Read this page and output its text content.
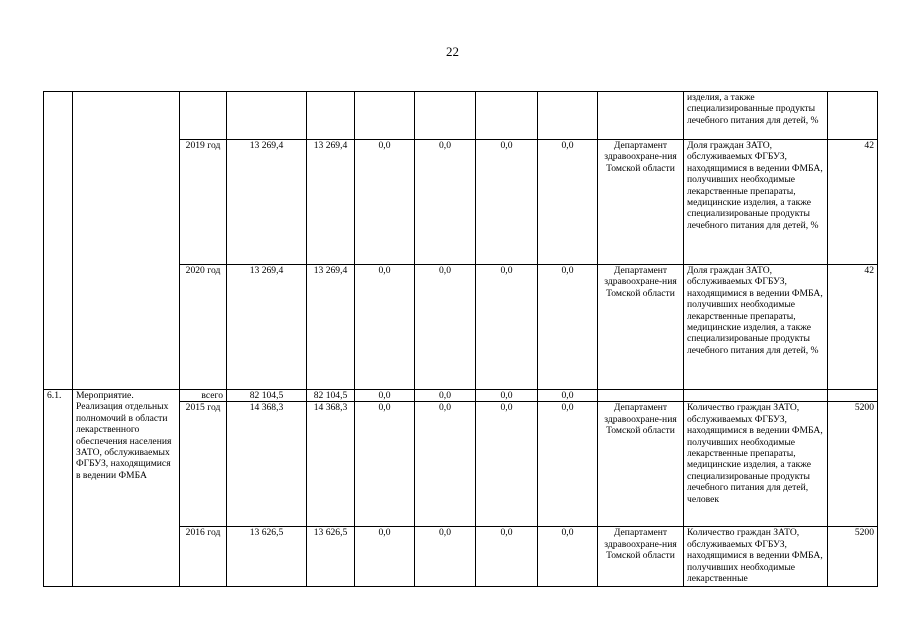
22
										изделия, а также специализированные продукты лечебного питания для детей, %	
		2019 год	13 269,4	13 269,4	0,0	0,0	0,0	0,0	Департамент здравоохране-ния Томской области	Доля граждан ЗАТО, обслуживаемых ФГБУЗ, находящимися в ведении ФМБА, получивших необходимые лекарственные препараты, медицинские изделия, а также специализированые продукты лечебного питания для детей, %	42
		2020 год	13 269,4	13 269,4	0,0	0,0	0,0	0,0	Департамент здравоохране-ния Томской области	Доля граждан ЗАТО, обслуживаемых ФГБУЗ, находящимися в ведении ФМБА, получивших необходимые лекарственные препараты, медицинские изделия, а также специализированые продукты лечебного питания для детей, %	42
6.1.	Мероприятие. Реализация отдельных полномочий в области лекарственного обеспечения населения ЗАТО, обслуживаемых ФГБУЗ, находящимися в ведении ФМБА	всего	82 104,5	82 104,5	0,0	0,0	0,0	0,0			
		2015 год	14 368,3	14 368,3	0,0	0,0	0,0	0,0	Департамент здравоохране-ния Томской области	Количество граждан ЗАТО, обслуживаемых ФГБУЗ, находящимися в ведении ФМБА, получивших необходимые лекарственные препараты, медицинские изделия, а также специализированые продукты лечебного питания для детей, человек	5200
		2016 год	13 626,5	13 626,5	0,0	0,0	0,0	0,0	Департамент здравоохране-ния Томской области	Количество граждан ЗАТО, обслуживаемых ФГБУЗ, находящимися в ведении ФМБА, получивших необходимые лекарственные	5200
